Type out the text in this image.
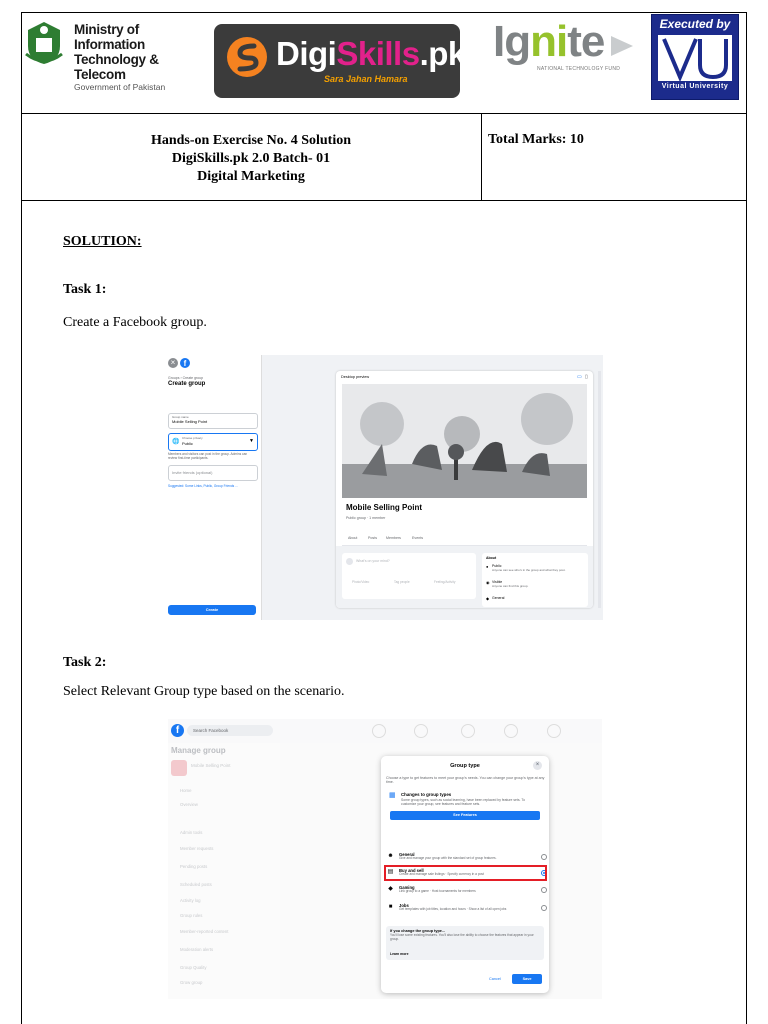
Ministry of Information
Technology & Telecom
Government of Pakistan
DigiSkills.pk
Sara Jahan Hamara
Ignite
NATIONAL TECHNOLOGY FUND
Executed by
Virtual University
Hands-on Exercise No. 4 Solution
DigiSkills.pk 2.0 Batch- 01
Digital Marketing
Total Marks: 10
SOLUTION:
Task 1:
Create a Facebook group.
×	f
Groups › Create group
Create group
Group name
Mobile Selling Point
🌐
Choose privacy
Public	▼
Members and visitors can post in the group. Admins can review first-time participants.
Invite friends (optional)
Suggested: Some Links, Public, Group Friends ...
Create
Desktop preview	▭ ▯
Mobile Selling Point
Public group · 1 member
About	Posts	Members	Events
What's on your mind?
Photo/Video	Tag people	Feeling/Activity
About
Public
●
Anyone can see who's in the group and what they post.
Visible
◉
Anyone can find this group.
General
◆
Task 2:
Select Relevant Group type based on the scenario.
f	Search Facebook
Manage group
Mobile Selling Point
Home
Overview
Admin tools
Member requests
Pending posts
Scheduled posts
Activity log
Group rules
Member-reported content
Moderation alerts
Group Quality
Grow group
Group type	×
Choose a type to get features to meet your group's needs. You can change your group's type at any time.
▦	Changes to group types
Some group types, such as social learning, have been replaced by feature sets. To customize your group, see features and feature sets.
See Features
☻ General
Give and manage your group with the standard set of group features.
▤ Buy and sell
Create and manage sale listings · Specify currency in a post
◆ Gaming
Link group to a game · Host tournaments for members
■	Jobs
Get templates with job titles, location and hours · Show a list of all open jobs
If you change the group type...
You'll lose some existing features. You'll also lose the ability to choose the features that appear in your group.
Learn more
Cancel	Save
